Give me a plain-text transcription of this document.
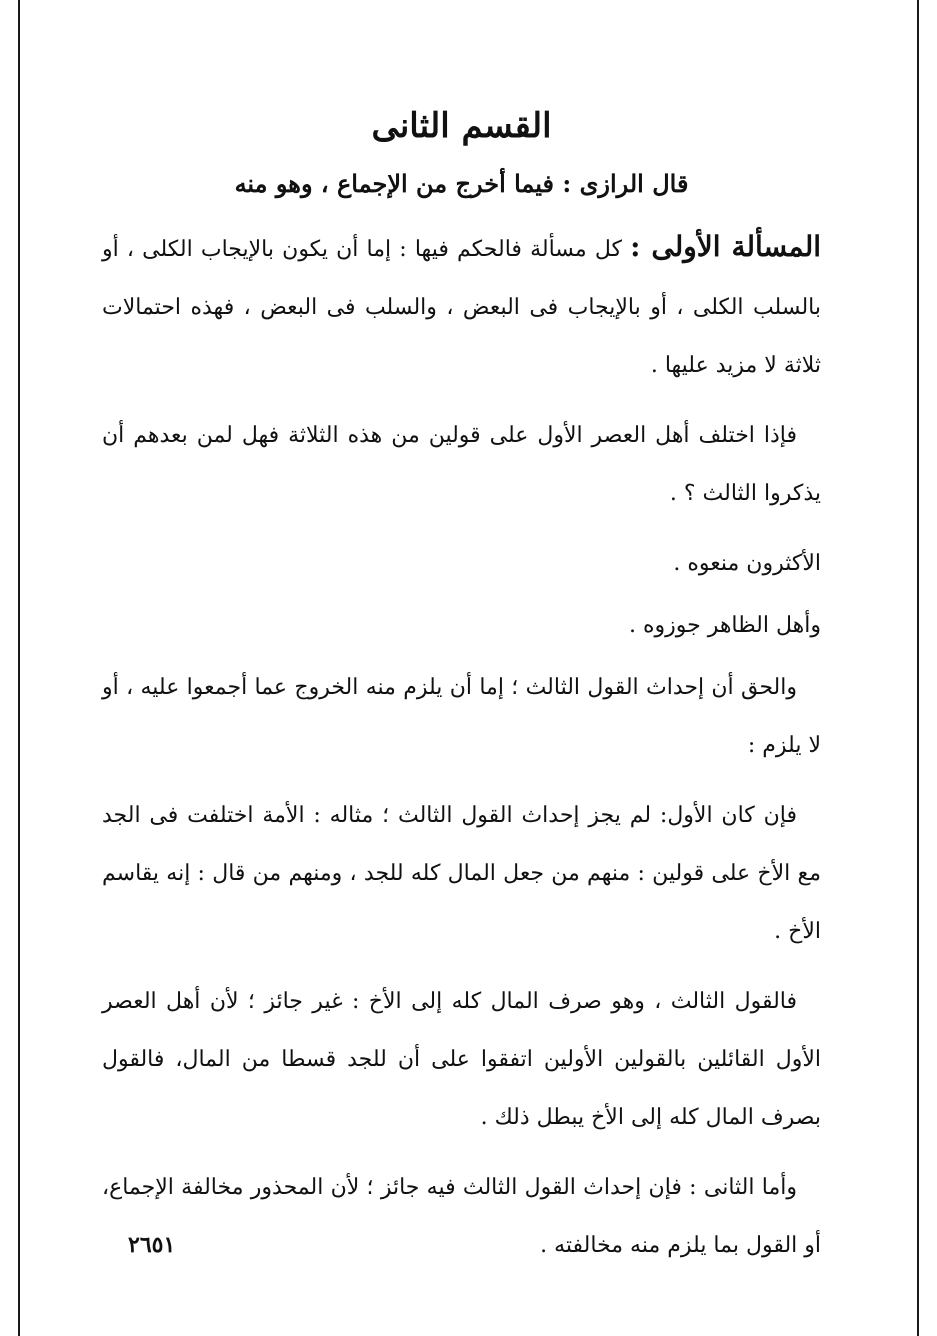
القسم الثانى
قال الرازى : فيما أخرج من الإجماع ، وهو منه

المسألة الأولى : كل مسألة فالحكم فيها : إما أن يكون بالإيجاب الكلى ، أو بالسلب الكلى ، أو بالإيجاب فى البعض ، والسلب فى البعض ، فهذه احتمالات ثلاثة لا مزيد عليها .

فإذا اختلف أهل العصر الأول على قولين من هذه الثلاثة فهل لمن بعدهم أن يذكروا الثالث ؟ .

الأكثرون منعوه .

وأهل الظاهر جوزوه .

والحق أن إحداث القول الثالث ؛ إما أن يلزم منه الخروج عما أجمعوا عليه ، أو لا يلزم :

فإن كان الأول: لم يجز إحداث القول الثالث ؛ مثاله : الأمة اختلفت فى الجد مع الأخ على قولين : منهم من جعل المال كله للجد ، ومنهم من قال : إنه يقاسم الأخ .

فالقول الثالث ، وهو صرف المال كله إلى الأخ : غير جائز ؛ لأن أهل العصر الأول القائلين بالقولين الأولين اتفقوا على أن للجد قسطا من المال، فالقول بصرف المال كله إلى الأخ يبطل ذلك .

وأما الثانى : فإن إحداث القول الثالث فيه جائز ؛ لأن المحذور مخالفة الإجماع، أو القول بما يلزم منه مخالفته .

٢٦٥١
